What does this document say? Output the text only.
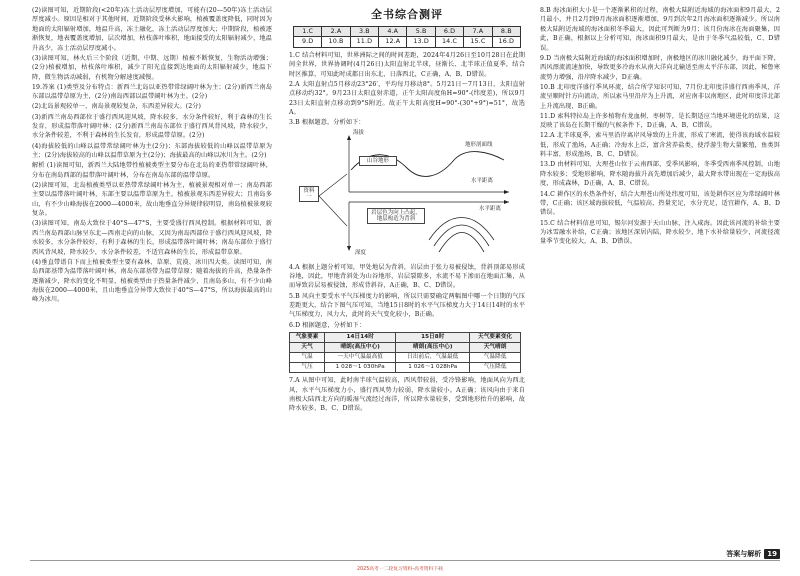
(2)读图可知，近期阶段(<20年)冻土活动层厚度增加，可能有(20—50年)冻土活动层厚度减小。原因是相对于其他时间，近期阶段受林火影响，植被覆盖度降低，同时因为地面的太阳辐射增加，地温升高，冻土融化，冻土活动层厚度加大；中期阶段，植被逐渐恢复，地表覆盖度增加，层次增加，枯枝落叶堆积，地面接受的太阳辐射减少，地温升高少，冻土活动层厚度减小。

(3)读图可知，林火后三个阶段（近期、中期、远期）植被不断恢复，生物活动增强；(2分)植被增加，枯枝落叶堆积，减少了阳光直接到达地面的太阳辐射减少，地温下降，微生物活动减弱，有机物分解速度减慢。

19.答案 (1)类型及分布特点：新西兰北岛以亚热带常绿阔叶林为主；(2分)新西兰南岛东部以温带草原为主，(2分)南岛西部以温带阔叶林为主。(2分)

(2)北岛景观较单一，南岛景观较复杂，东西差异较大。(2分)

(3)新西兰南岛西部位于盛行西风迎风坡，降水较多，水分条件较好，利于森林的生长发育，形成温带落叶阔叶林；(2分)新西兰南岛东部位于盛行西风背风坡，降水较少，水分条件较差，不利于森林的生长发育，形成温带草原。(2分)

(4)海拔较低的山峰以温带常绿阔叶林为主(2分)；东部海拔较低的山峰以温带草原为主；(2分)海拔较高的山峰以温带草原为主(2分)；海拔最高的山峰以冰川为主。(2分)

解析 (1)读图可知，新西兰大陆地带性植被类型主要分布在北岛的亚热带常绿阔叶林，分布在南岛西部的温带落叶阔叶林，分布在南岛东部的温带草原。

(2)读图可知，北岛植被类型以亚热带常绿阔叶林为主，植被景观相对单一；南岛西部主要以温带落叶阔叶林，东部主要以温带草原为主，植被景观东西差异较大；且南岛多山，有不少山峰海拔在2000—4000米，故山地垂直分异规律较明显，南岛植被景观较复杂。

(3)读图可知，南岛大致位于40°S—47°S，主要受盛行西风控制。根据材料可知，新西兰南岛西部山脉呈东北—西南走向的山脉，又因为南岛西部位于盛行西风迎风坡，降水较多，水分条件较好，有利于森林的生长，形成温带落叶阔叶林；南岛东部位于盛行西风背风坡，降水较少，水分条件较差，不适宜森林的生长，形成温带草原。

(4)垂直带谱自下而上植被类型主要有森林、草原、荒漠、冰川四大类。读图可知，南岛西部基带为温带落叶阔叶林，南岛东部基带为温带草原；随着海拔的升高，热量条件逐渐减少，降水的变化不明显，植被类型由于热量条件减少，且南岛多山，有不少山峰海拔在2000—4000米，且山地垂直分异带大致位于40°S—47°S，所以海拔最高的山峰为冰川。

全书综合测评
1.C	2.A	3.B	4.A	5.B	6.D	7.A	8.B
9.D	10.B	11.D	12.A	13.D	14.C	15.C	16.D

1.C 结合材料可知，世界洲际之间的时间差距，2024年4月26日至10月28日在此期间全世界，世界协调时(4月26日)太阳直射北半球，昼渐长、北半球正值夏季，结合时区推算，可知此时成都日出东北，日落西北，C正确，A、B、D错误。

2.A 太阳直射点5月移动23°26′，平均每月移动8°。5月21日～7月13日，太阳直射点移动约32°。9月23日太阳直射赤道，正午太阳高度角H=90°-(纬度差)，所以9月23日太阳直射点移动到9°S附近。故正午太阳高度H=90°-(30°+9°)=51°，故选A。

3.B 根据题意，分析如下：

海拔
山谷地形
地形剖面线
水平距离
资料一
岩层色为向上凸起，地层构造为背斜
深度
水平距离

4.A 根据上题分析可知，甲处地层为背斜，岩层由于张力易被侵蚀，背斜顶部易形成谷地，因此，甲地背斜处为山谷地形，岩层裂隙多，水流不易下渗而在地面汇集，从而导致岩层易被侵蚀，形成背斜谷，A正确，B、C、D错误。

5.B 风向主要受水平气压梯度力的影响，所以只需要确定两幅图中哪一个日期的气压差距更大，结合下图气压可知，当地15日8时的水平气压梯度力大于14日14时的水平气压梯度力，风力大，此时的天气变化较小，B正确。

6.D 根据题意，分析如下：

气象要素	14日14时	15日8时	天气要素变化
天气	晴朗(高压中心)	晴朗(高压中心)	天气晴朗
气温	一天中气温最高值	日出前后，气温最低	气温降低
气压	1 028～1 030hPa	1 026～1 028hPa	气压降低

7.A 从图中可知，此时南半球气温较高，西风带较弱，受冷锋影响，地面风向为西北风，水平气压梯度力小，盛行西风势力较弱，降水量较小。A正确；该风向由于来自南极大陆西北方向的暖湿气流经过海洋，所以降水量较多，受到地形抬升的影响，故降水较多，B、C、D错误。

8.B 海冰面积大小是一个逐渐累积的过程，南极大陆附近海域的海冰面积9月最大、2月最小，并且2月到9月海冰面积逐渐增加，9月到次年2月海冰面积逐渐减少。所以南极大陆附近海域的海冰面积冬季最大，因此可判断为9月；该月份海冰在海面聚集，因此，B正确，根据以上分析可知，海冰面积9月最大，是由于冬季气温较低，C、D错误。

9.D 当南极大陆附近海域的海冰面积增加时，南极地区的冰川融化减少，海平面下降，西风漂流流速加快，导致更多冷海水从南大洋向北输送至南太平洋东部，因此，秘鲁寒流势力增强，沿岸降水减少，D正确。

10.B 北印度洋盛行季风环流，结合所学知识可知，7月份北印度洋盛行西南季风，洋流呈顺时针方向流动，所以索马里沿岸为上升流，对应南非以南地区，此时印度洋北部上升流出现，B正确。

11.D 索科特拉岛上许多植物有龙血树、枣树等，是长期适应当地环境进化的结果，这反映了该岛在长期干燥的气候条件下，D正确，A、B、C错误。

12.A 北半球夏季，索马里沿岸离岸风导致的上升流，形成了寒流，使得该海域水温较低，形成了渔场，A正确；冷海水上泛，富含营养盐类，使浮游生物大量繁殖，鱼类饵料丰富，形成渔场，B、C、D错误。

13.D 由材料可知，大理苍山位于云南西部，受季风影响，冬季受西南季风控制，山地降水较多；受地形影响，降水随海拔升高先增加后减少，最大降水带出现在一定海拔高度，形成森林，D正确，A、B、C错误。

14.C 耕作区的水热条件好，结合大理苍山所处纬度可知，该处耕作区应为常绿阔叶林带，C正确；该区域海拔较低，气温较高，热量充足，水分充足，适宜耕作，A、B、D错误。

15.C 结合材料信息可知，锡尔河发源于天山山脉，注入咸海。因此该河流的补给主要为冰雪融水补给，C正确；该地区深居内陆，降水较少，地下水补给量较少，河流径流量季节变化较大，A、B、D错误。

答案与解析 19
2025高考一二轮复习资料-高考资料下载
